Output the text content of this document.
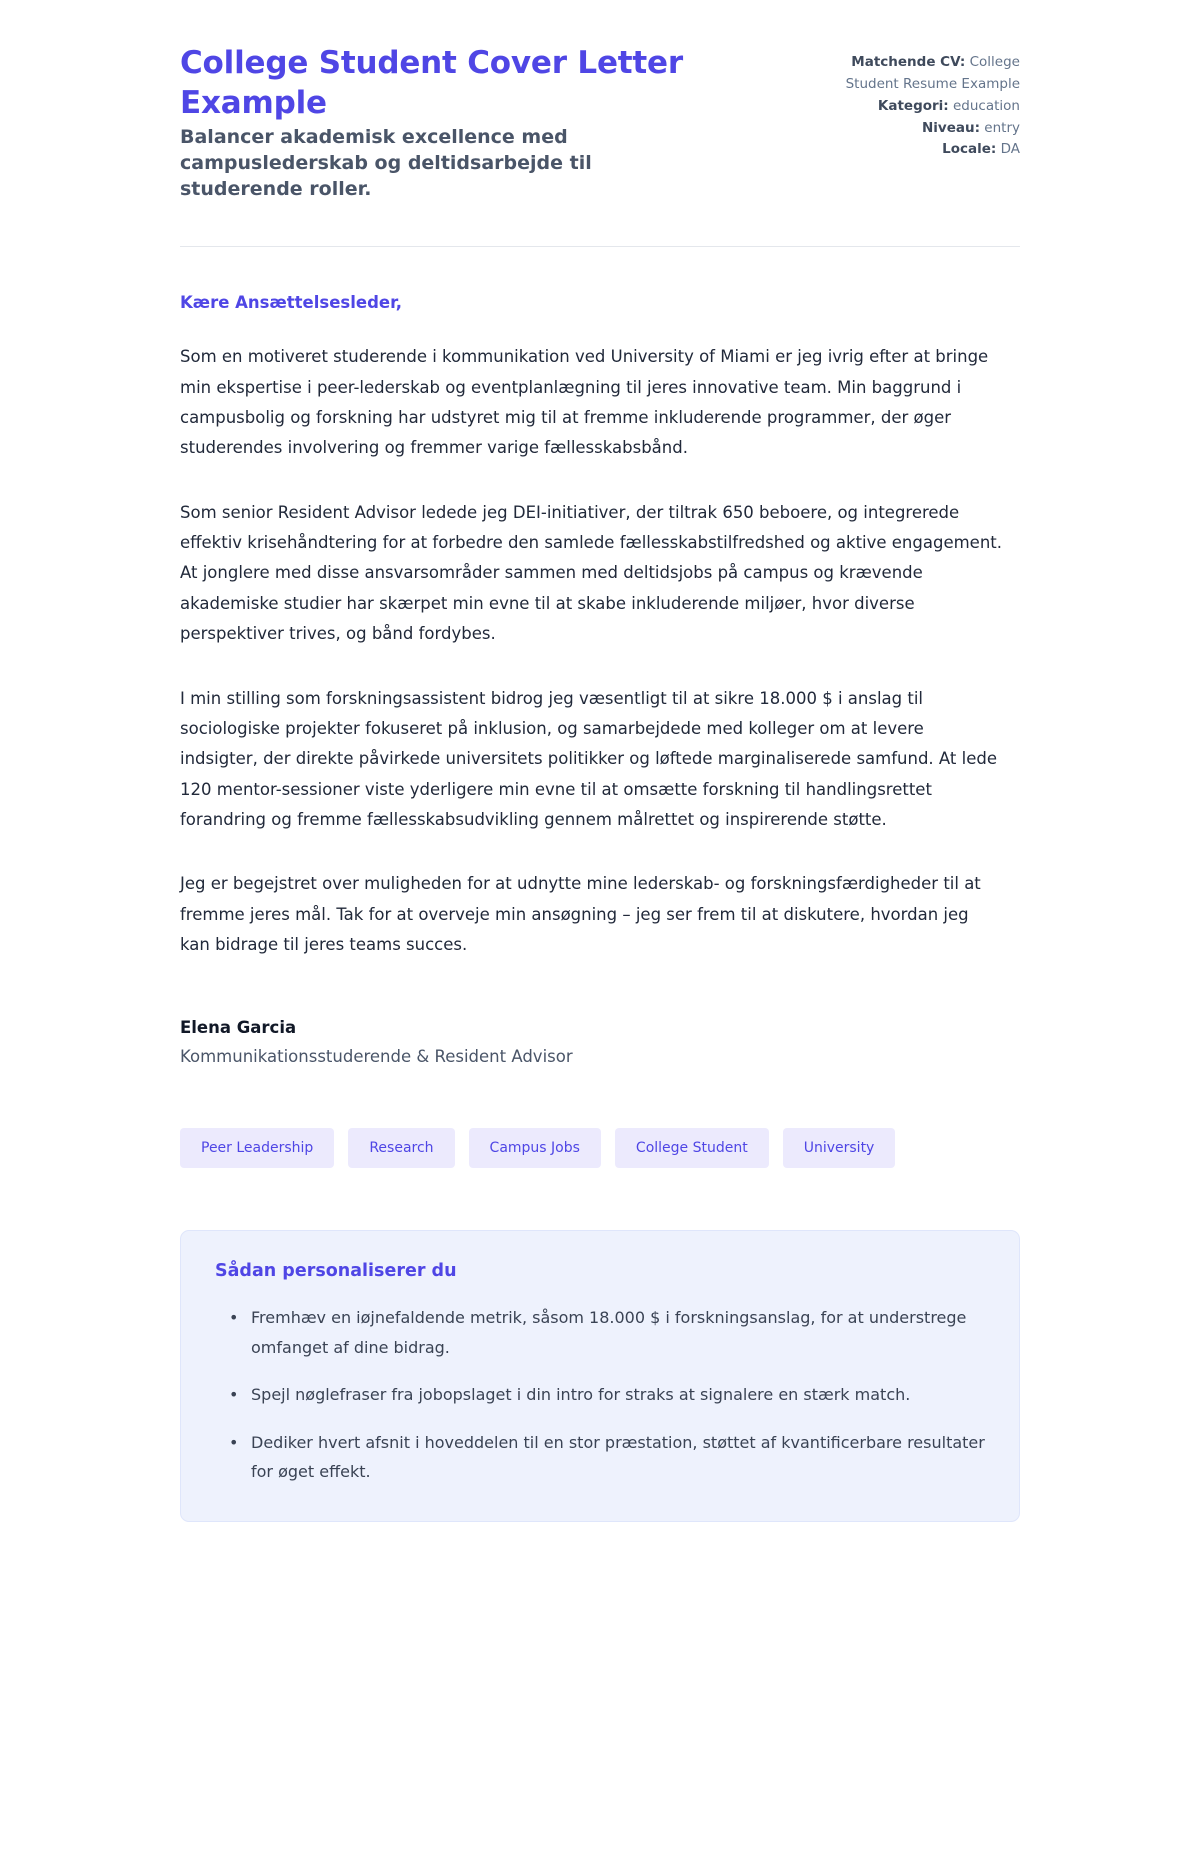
College Student Cover Letter Example

Balancer akademisk excellence med campuslederskab og deltidsarbejde til studerende roller.

Matchende CV: College Student Resume Example
Kategori: education
Niveau: entry
Locale: DA

Kære Ansættelsesleder,

Som en motiveret studerende i kommunikation ved University of Miami er jeg ivrig efter at bringe min ekspertise i peer-lederskab og eventplanlægning til jeres innovative team. Min baggrund i campusbolig og forskning har udstyret mig til at fremme inkluderende programmer, der øger studerendes involvering og fremmer varige fællesskabsbånd.

Som senior Resident Advisor ledede jeg DEI-initiativer, der tiltrak 650 beboere, og integrerede effektiv krisehåndtering for at forbedre den samlede fællesskabstilfredshed og aktive engagement. At jonglere med disse ansvarsområder sammen med deltidsjobs på campus og krævende akademiske studier har skærpet min evne til at skabe inkluderende miljøer, hvor diverse perspektiver trives, og bånd fordybes.

I min stilling som forskningsassistent bidrog jeg væsentligt til at sikre 18.000 $ i anslag til sociologiske projekter fokuseret på inklusion, og samarbejdede med kolleger om at levere indsigter, der direkte påvirkede universitets politikker og løftede marginaliserede samfund. At lede 120 mentor-sessioner viste yderligere min evne til at omsætte forskning til handlingsrettet forandring og fremme fællesskabsudvikling gennem målrettet og inspirerende støtte.

Jeg er begejstret over muligheden for at udnytte mine lederskab- og forskningsfærdigheder til at fremme jeres mål. Tak for at overveje min ansøgning – jeg ser frem til at diskutere, hvordan jeg kan bidrage til jeres teams succes.

Elena Garcia

Kommunikationsstuderende & Resident Advisor

Peer Leadership	Research	Campus Jobs	College Student	University
Sådan personaliserer du
• Fremhæv en iøjnefaldende metrik, såsom 18.000 $ i forskningsanslag, for at understrege omfanget af dine bidrag.
• Spejl nøglefraser fra jobopslaget i din intro for straks at signalere en stærk match.
• Dediker hvert afsnit i hoveddelen til en stor præstation, støttet af kvantificerbare resultater for øget effekt.
